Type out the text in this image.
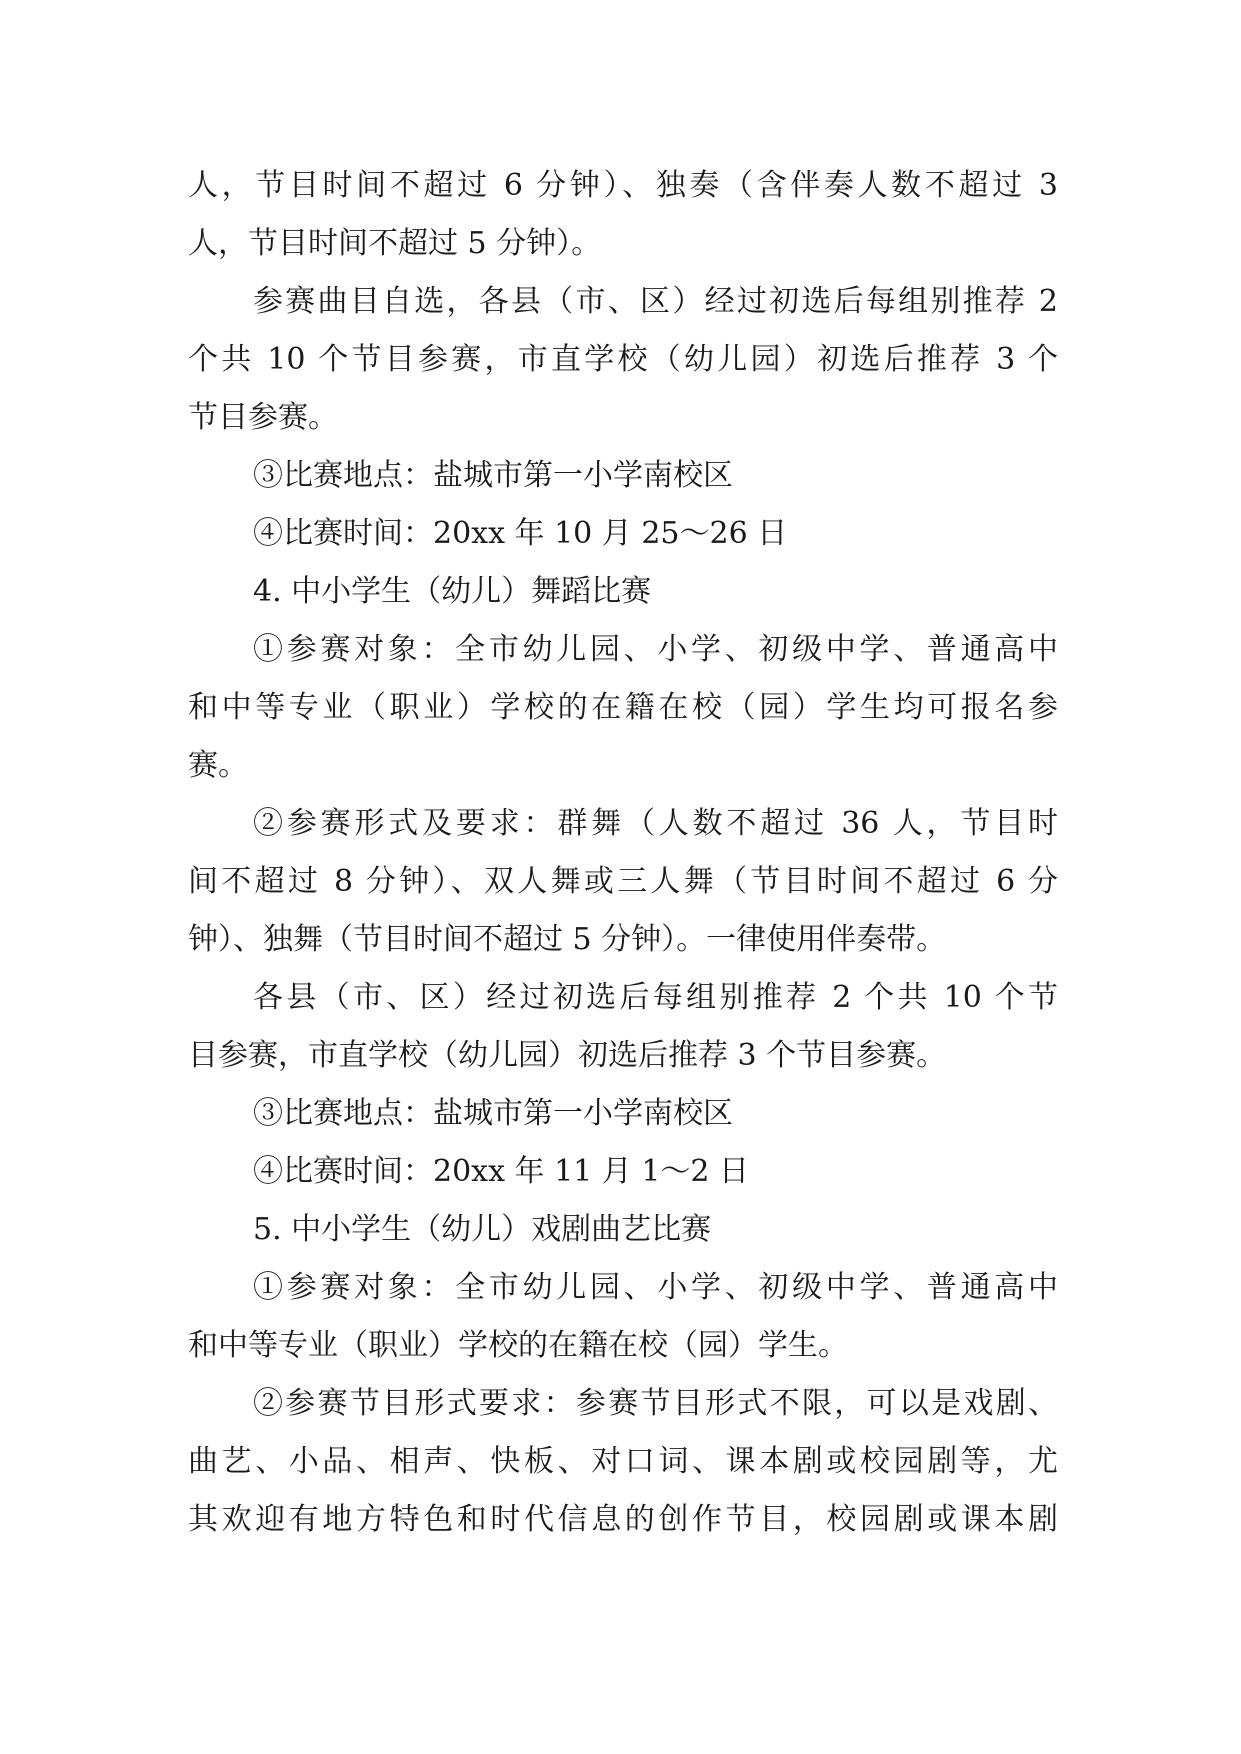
人，节目时间不超过 6 分钟）、独奏（含伴奏人数不超过 3
人，节目时间不超过 5 分钟）。
参赛曲目自选，各县（市、区）经过初选后每组别推荐 2
个共 10 个节目参赛，市直学校（幼儿园）初选后推荐 3 个
节目参赛。
③比赛地点：盐城市第一小学南校区
④比赛时间：20xx 年 10 月 25～26 日
4. 中小学生（幼儿）舞蹈比赛
①参赛对象：全市幼儿园、小学、初级中学、普通高中
和中等专业（职业）学校的在籍在校（园）学生均可报名参
赛。
②参赛形式及要求：群舞（人数不超过 36 人，节目时
间不超过 8 分钟）、双人舞或三人舞（节目时间不超过 6 分
钟）、独舞（节目时间不超过 5 分钟）。一律使用伴奏带。
各县（市、区）经过初选后每组别推荐 2 个共 10 个节
目参赛，市直学校（幼儿园）初选后推荐 3 个节目参赛。
③比赛地点：盐城市第一小学南校区
④比赛时间：20xx 年 11 月 1～2 日
5. 中小学生（幼儿）戏剧曲艺比赛
①参赛对象：全市幼儿园、小学、初级中学、普通高中
和中等专业（职业）学校的在籍在校（园）学生。
②参赛节目形式要求：参赛节目形式不限，可以是戏剧、
曲艺、小品、相声、快板、对口词、课本剧或校园剧等，尤
其欢迎有地方特色和时代信息的创作节目，校园剧或课本剧
